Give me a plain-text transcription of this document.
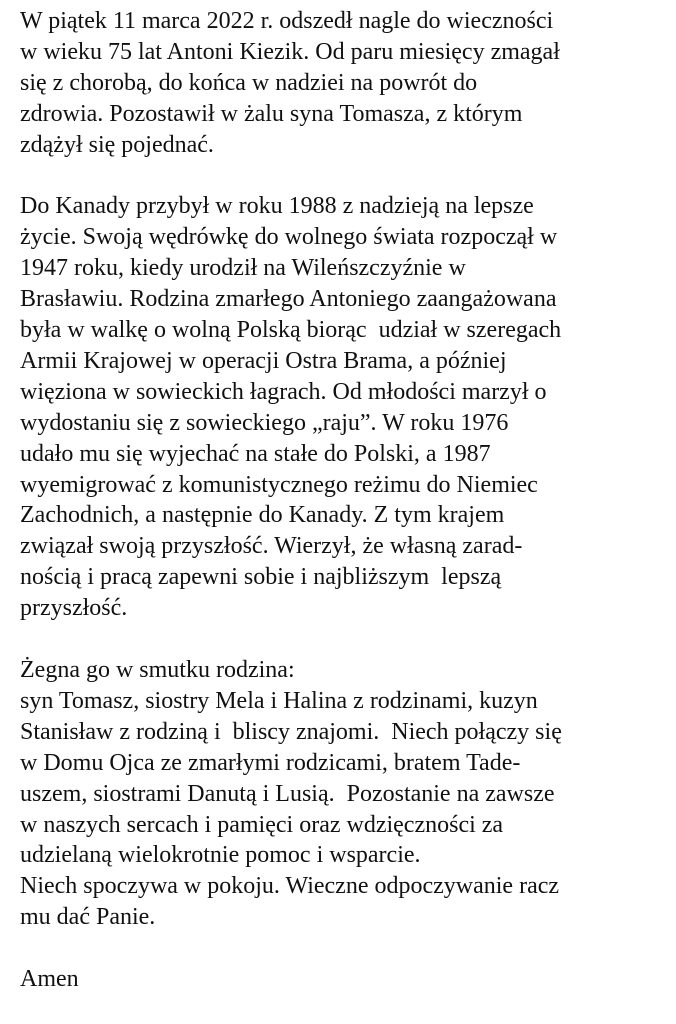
W piątek 11 marca 2022 r. odszedł nagle do wieczności
w wieku 75 lat Antoni Kiezik. Od paru miesięcy zmagał
się z chorobą, do końca w nadziei na powrót do
zdrowia. Pozostawił w żalu syna Tomasza, z którym
zdążył się pojednać.
Do Kanady przybył w roku 1988 z nadzieją na lepsze
życie. Swoją wędrówkę do wolnego świata rozpoczął w
1947 roku, kiedy urodził na Wileńszczyźnie w
Brasławiu. Rodzina zmarłego Antoniego zaangażowana
była w walkę o wolną Polską biorąc  udział w szeregach
Armii Krajowej w operacji Ostra Brama, a później
więziona w sowieckich łagrach. Od młodości marzył o
wydostaniu się z sowieckiego „raju”. W roku 1976
udało mu się wyjechać na stałe do Polski, a 1987
wyemigrować z komunistycznego reżimu do Niemiec
Zachodnich, a następnie do Kanady. Z tym krajem
związał swoją przyszłość. Wierzył, że własną zarad-
nością i pracą zapewni sobie i najbliższym  lepszą
przyszłość.
Żegna go w smutku rodzina:
syn Tomasz, siostry Mela i Halina z rodzinami, kuzyn
Stanisław z rodziną i  bliscy znajomi.  Niech połączy się
w Domu Ojca ze zmarłymi rodzicami, bratem Tade-
uszem, siostrami Danutą i Lusią.  Pozostanie na zawsze
w naszych sercach i pamięci oraz wdzięczności za
udzielaną wielokrotnie pomoc i wsparcie.
Niech spoczywa w pokoju. Wieczne odpoczywanie racz
mu dać Panie.
Amen
